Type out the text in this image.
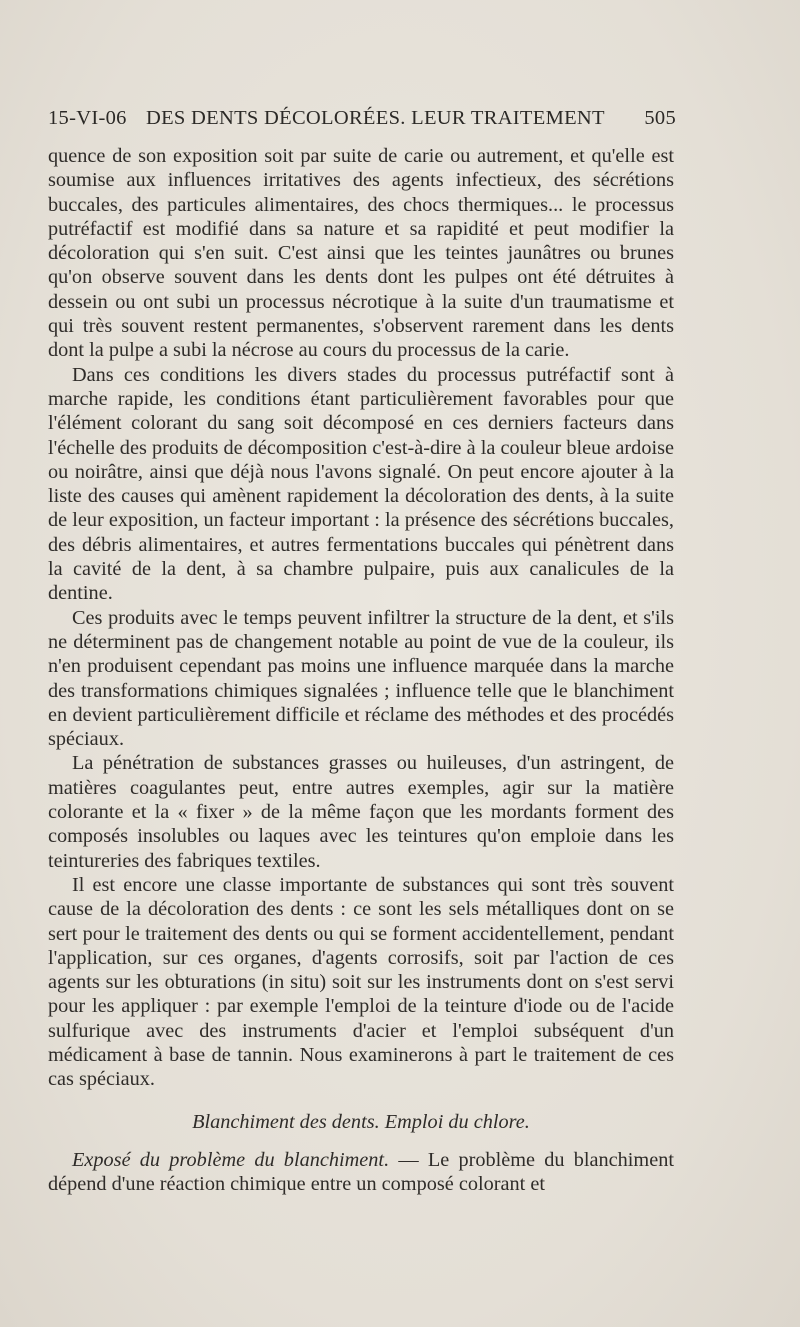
15-VI-06 DES DENTS DÉCOLORÉES. LEUR TRAITEMENT 505

quence de son exposition soit par suite de carie ou autrement, et qu'elle est soumise aux influences irritatives des agents infectieux, des sécrétions buccales, des particules alimentaires, des chocs thermiques... le processus putréfactif est modifié dans sa nature et sa rapidité et peut modifier la décoloration qui s'en suit. C'est ainsi que les teintes jaunâtres ou brunes qu'on observe souvent dans les dents dont les pulpes ont été détruites à dessein ou ont subi un processus nécrotique à la suite d'un traumatisme et qui très souvent restent permanentes, s'observent rarement dans les dents dont la pulpe a subi la nécrose au cours du processus de la carie.

Dans ces conditions les divers stades du processus putréfactif sont à marche rapide, les conditions étant particulièrement favorables pour que l'élément colorant du sang soit décomposé en ces derniers facteurs dans l'échelle des produits de décomposition c'est-à-dire à la couleur bleue ardoise ou noirâtre, ainsi que déjà nous l'avons signalé. On peut encore ajouter à la liste des causes qui amènent rapidement la décoloration des dents, à la suite de leur exposition, un facteur important : la présence des sécrétions buccales, des débris alimentaires, et autres fermentations buccales qui pénètrent dans la cavité de la dent, à sa chambre pulpaire, puis aux canalicules de la dentine.

Ces produits avec le temps peuvent infiltrer la structure de la dent, et s'ils ne déterminent pas de changement notable au point de vue de la couleur, ils n'en produisent cependant pas moins une influence marquée dans la marche des transformations chimiques signalées ; influence telle que le blanchiment en devient particulièrement difficile et réclame des méthodes et des procédés spéciaux.

La pénétration de substances grasses ou huileuses, d'un astringent, de matières coagulantes peut, entre autres exemples, agir sur la matière colorante et la « fixer » de la même façon que les mordants forment des composés insolubles ou laques avec les teintures qu'on emploie dans les teintureries des fabriques textiles.

Il est encore une classe importante de substances qui sont très souvent cause de la décoloration des dents : ce sont les sels métalliques dont on se sert pour le traitement des dents ou qui se forment accidentellement, pendant l'application, sur ces organes, d'agents corrosifs, soit par l'action de ces agents sur les obturations (in situ) soit sur les instruments dont on s'est servi pour les appliquer : par exemple l'emploi de la teinture d'iode ou de l'acide sulfurique avec des instruments d'acier et l'emploi subséquent d'un médicament à base de tannin. Nous examinerons à part le traitement de ces cas spéciaux.

Blanchiment des dents. Emploi du chlore.

Exposé du problème du blanchiment. — Le problème du blanchiment dépend d'une réaction chimique entre un composé colorant et
